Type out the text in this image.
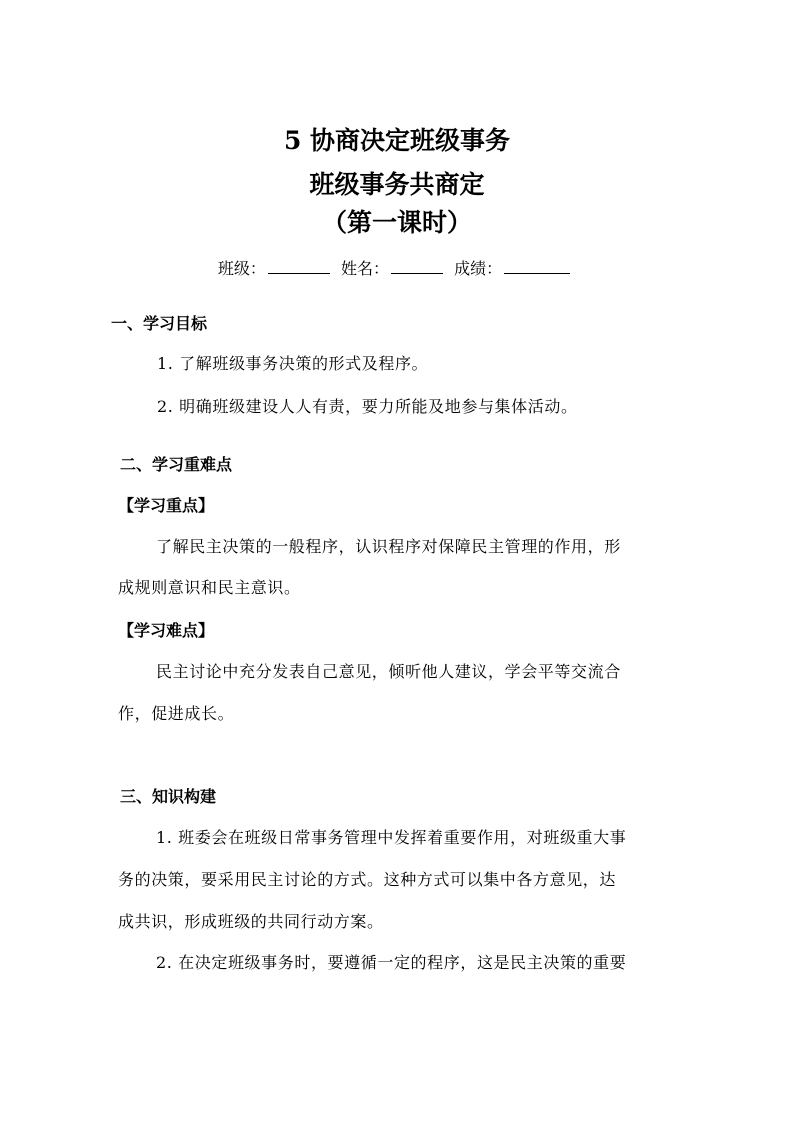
5 协商决定班级事务
班级事务共商定
（第一课时）
班级：	姓名：	成绩：
一、学习目标
1. 了解班级事务决策的形式及程序。
2. 明确班级建设人人有责，要力所能及地参与集体活动。
二、学习重难点
【学习重点】
了解民主决策的一般程序，认识程序对保障民主管理的作用，形
成规则意识和民主意识。
【学习难点】
民主讨论中充分发表自己意见，倾听他人建议，学会平等交流合
作，促进成长。
三、知识构建
1. 班委会在班级日常事务管理中发挥着重要作用，对班级重大事
务的决策，要采用民主讨论的方式。这种方式可以集中各方意见，达
成共识，形成班级的共同行动方案。
2. 在决定班级事务时，要遵循一定的程序，这是民主决策的重要
